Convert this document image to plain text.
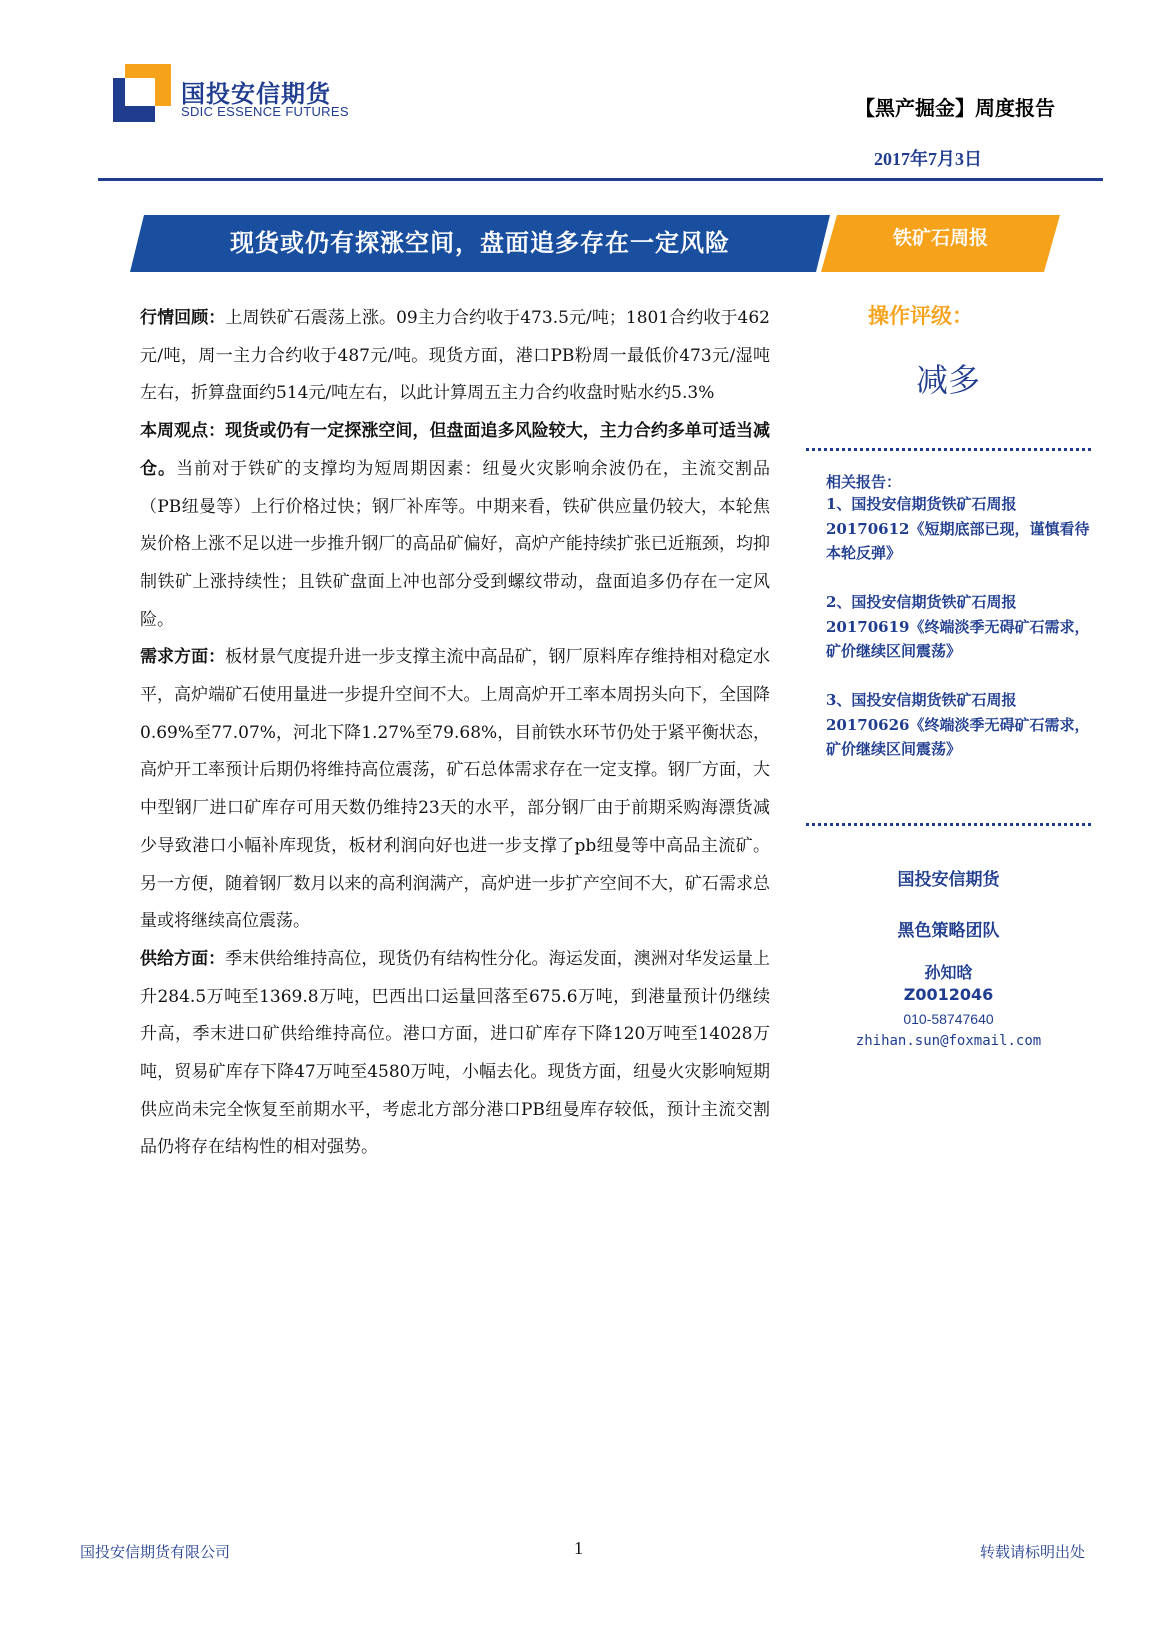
国投安信期货
SDIC ESSENCE FUTURES	【黑产掘金】周度报告
2017年7月3日
现货或仍有探涨空间，盘面追多存在一定风险	铁矿石周报

行情回顾：上周铁矿石震荡上涨。09主力合约收于473.5元/吨；1801合约收于462元/吨，周一主力合约收于487元/吨。现货方面，港口PB粉周一最低价473元/湿吨左右，折算盘面约514元/吨左右，以此计算周五主力合约收盘时贴水约5.3%

本周观点：现货或仍有一定探涨空间，但盘面追多风险较大，主力合约多单可适当减仓。当前对于铁矿的支撑均为短周期因素：纽曼火灾影响余波仍在，主流交割品（PB纽曼等）上行价格过快；钢厂补库等。中期来看，铁矿供应量仍较大，本轮焦炭价格上涨不足以进一步推升钢厂的高品矿偏好，高炉产能持续扩张已近瓶颈，均抑制铁矿上涨持续性；且铁矿盘面上冲也部分受到螺纹带动，盘面追多仍存在一定风险。

需求方面：板材景气度提升进一步支撑主流中高品矿，钢厂原料库存维持相对稳定水平，高炉端矿石使用量进一步提升空间不大。上周高炉开工率本周拐头向下，全国降0.69%至77.07%，河北下降1.27%至79.68%，目前铁水环节仍处于紧平衡状态，高炉开工率预计后期仍将维持高位震荡，矿石总体需求存在一定支撑。钢厂方面，大中型钢厂进口矿库存可用天数仍维持23天的水平，部分钢厂由于前期采购海漂货减少导致港口小幅补库现货，板材利润向好也进一步支撑了pb纽曼等中高品主流矿。另一方便，随着钢厂数月以来的高利润满产，高炉进一步扩产空间不大，矿石需求总量或将继续高位震荡。

供给方面：季末供给维持高位，现货仍有结构性分化。海运发面，澳洲对华发运量上升284.5万吨至1369.8万吨，巴西出口运量回落至675.6万吨，到港量预计仍继续升高，季末进口矿供给维持高位。港口方面，进口矿库存下降120万吨至14028万吨，贸易矿库存下降47万吨至4580万吨，小幅去化。现货方面，纽曼火灾影响短期供应尚未完全恢复至前期水平，考虑北方部分港口PB纽曼库存较低，预计主流交割品仍将存在结构性的相对强势。

操作评级：
减多
相关报告：
1、国投安信期货铁矿石周报
20170612《短期底部已现，谨慎看待本轮反弹》
2、国投安信期货铁矿石周报
20170619《终端淡季无碍矿石需求，矿价继续区间震荡》
3、国投安信期货铁矿石周报
20170626《终端淡季无碍矿石需求，矿价继续区间震荡》
国投安信期货
黑色策略团队
孙知晗
Z0012046
010-58747640
zhihan.sun@foxmail.com
国投安信期货有限公司	1	转载请标明出处
